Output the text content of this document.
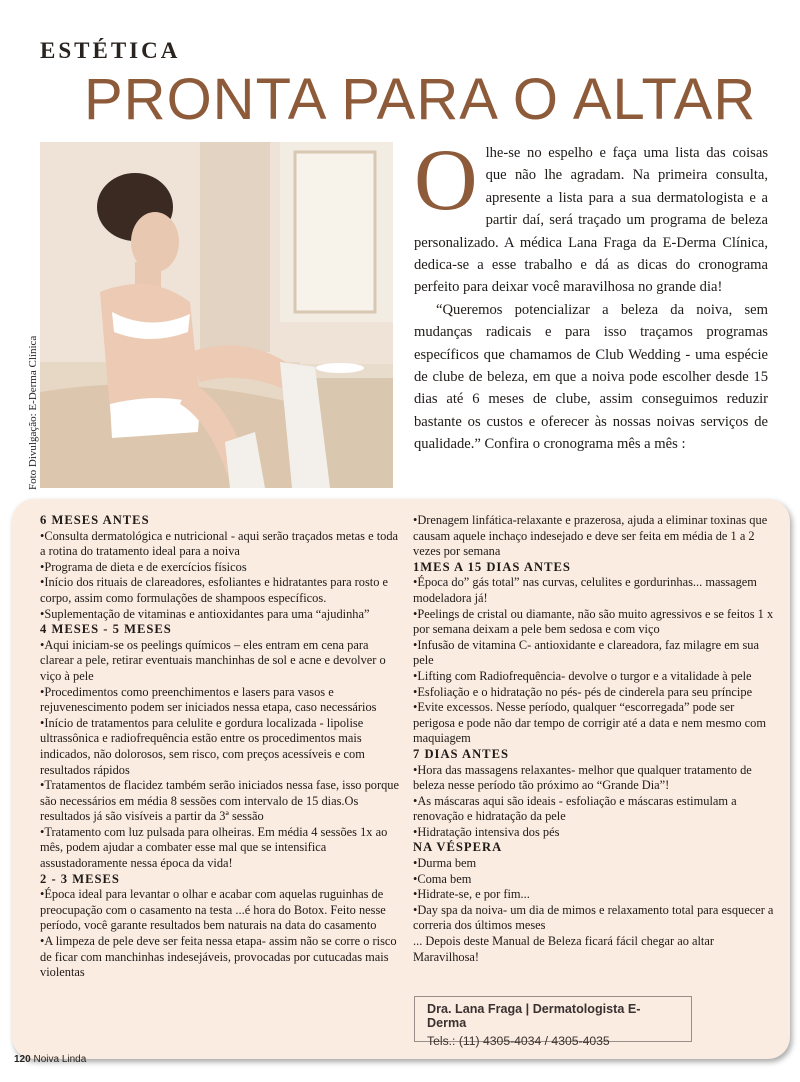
ESTÉTICA
PRONTA PARA O ALTAR
Foto Divulgação: E-Derma Clínica
O lhe-se no espelho e faça uma lista das coisas que não lhe agradam. Na primeira consulta, apresente a lista para a sua dermatologista e a partir daí, será traçado um programa de beleza personalizado. A médica Lana Fraga da E-Derma Clínica, dedica-se a esse trabalho e dá as dicas do cronograma perfeito para deixar você maravilhosa no grande dia!

“Queremos potencializar a beleza da noiva, sem mudanças radicais e para isso traçamos programas específicos que chamamos de Club Wedding - uma espécie de clube de beleza, em que a noiva pode escolher desde 15 dias até 6 meses de clube, assim conseguimos reduzir bastante os custos e oferecer às nossas noivas serviços de qualidade.” Confira o cronograma mês a mês :

6 MESES ANTES
•Consulta dermatológica e nutricional - aqui serão traçados metas e toda a rotina do tratamento ideal para a noiva
•Programa de dieta e de exercícios físicos
•Início dos rituais de clareadores, esfoliantes e hidratantes para rosto e corpo, assim como formulações de shampoos específicos.
•Suplementação de vitaminas e antioxidantes para uma “ajudinha”
4 MESES - 5 MESES
•Aqui iniciam-se os peelings químicos – eles entram em cena para clarear a pele, retirar eventuais manchinhas de sol e acne e devolver o viço à pele
•Procedimentos como preenchimentos e lasers para vasos e rejuvenescimento podem ser iniciados nessa etapa, caso necessários
•Início de tratamentos para celulite e gordura localizada - lipolise ultrassônica e radiofrequência estão entre os procedimentos mais indicados, não dolorosos, sem risco, com preços acessíveis e com resultados rápidos
•Tratamentos de flacidez também serão iniciados nessa fase, isso porque são necessários em média 8 sessões com intervalo de 15 dias.Os resultados já são visíveis a partir da 3ª sessão
•Tratamento com luz pulsada para olheiras. Em média 4 sessões 1x ao mês, podem ajudar a combater esse mal que se intensifica assustadoramente nessa época da vida!
2 - 3 MESES
•Época ideal para levantar o olhar e acabar com aquelas ruguinhas de preocupação com o casamento na testa ...é hora do Botox. Feito nesse período, você garante resultados bem naturais na data do casamento
•A limpeza de pele deve ser feita nessa etapa- assim não se corre o risco de ficar com manchinhas indesejáveis, provocadas por cutucadas mais violentas
•Drenagem linfática-relaxante e prazerosa, ajuda a eliminar toxinas que causam aquele inchaço indesejado e deve ser feita em média de 1 a 2 vezes por semana
1MES A 15 DIAS ANTES
•Época do” gás total” nas curvas, celulites e gordurinhas... massagem modeladora já!
•Peelings de cristal ou diamante, não são muito agressivos e se feitos 1 x por semana deixam a pele bem sedosa e com viço
•Infusão de vitamina C- antioxidante e clareadora, faz milagre em sua pele
•Lifting com Radiofrequência- devolve o turgor e a vitalidade à pele
•Esfoliação e o hidratação no pés- pés de cinderela para seu príncipe
•Evite excessos. Nesse período, qualquer “escorregada” pode ser perigosa e pode não dar tempo de corrigir até a data e nem mesmo com maquiagem
7 DIAS ANTES
•Hora das massagens relaxantes- melhor que qualquer tratamento de beleza nesse período tão próximo ao “Grande Dia”!
•As máscaras aqui são ideais - esfoliação e máscaras estimulam a renovação e hidratação da pele
•Hidratação intensiva dos pés
NA VÉSPERA
•Durma bem
•Coma bem
•Hidrate-se, e por fim...
•Day spa da noiva- um dia de mimos e relaxamento total para esquecer a correria dos últimos meses
... Depois deste Manual de Beleza ficará fácil chegar ao altar Maravilhosa!
Dra. Lana Fraga | Dermatologista E-Derma
Tels.: (11) 4305-4034 / 4305-4035
120 Noiva Linda
